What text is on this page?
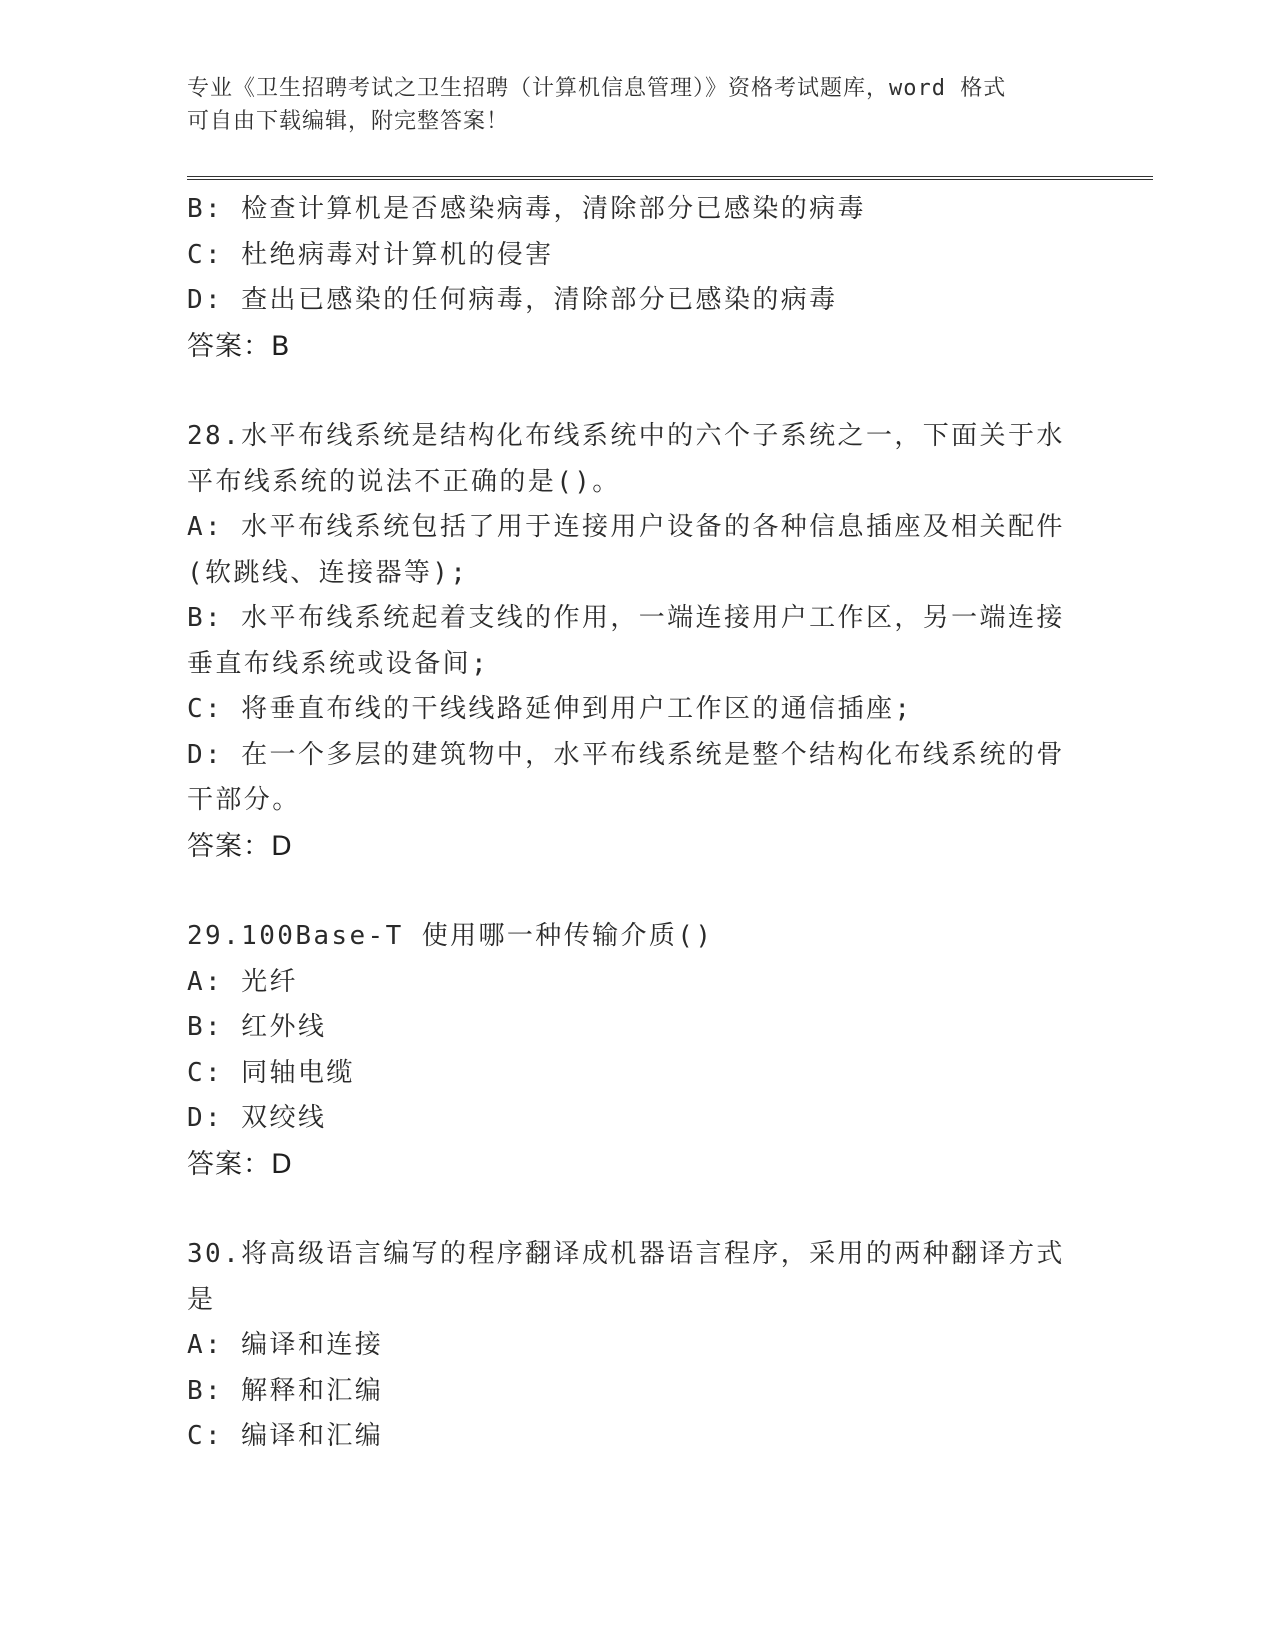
专业《卫生招聘考试之卫生招聘（计算机信息管理）》资格考试题库，word 格式
可自由下载编辑，附完整答案！
B: 检查计算机是否感染病毒，清除部分已感染的病毒
C: 杜绝病毒对计算机的侵害
D: 查出已感染的任何病毒，清除部分已感染的病毒
答案：B
28.水平布线系统是结构化布线系统中的六个子系统之一，下面关于水
平布线系统的说法不正确的是()。
A: 水平布线系统包括了用于连接用户设备的各种信息插座及相关配件
(软跳线、连接器等);
B: 水平布线系统起着支线的作用，一端连接用户工作区，另一端连接
垂直布线系统或设备间;
C: 将垂直布线的干线线路延伸到用户工作区的通信插座;
D: 在一个多层的建筑物中，水平布线系统是整个结构化布线系统的骨
干部分。
答案：D
29.100Base-T 使用哪一种传输介质()
A: 光纤
B: 红外线
C: 同轴电缆
D: 双绞线
答案：D
30.将高级语言编写的程序翻译成机器语言程序，采用的两种翻译方式
是
A: 编译和连接
B: 解释和汇编
C: 编译和汇编
